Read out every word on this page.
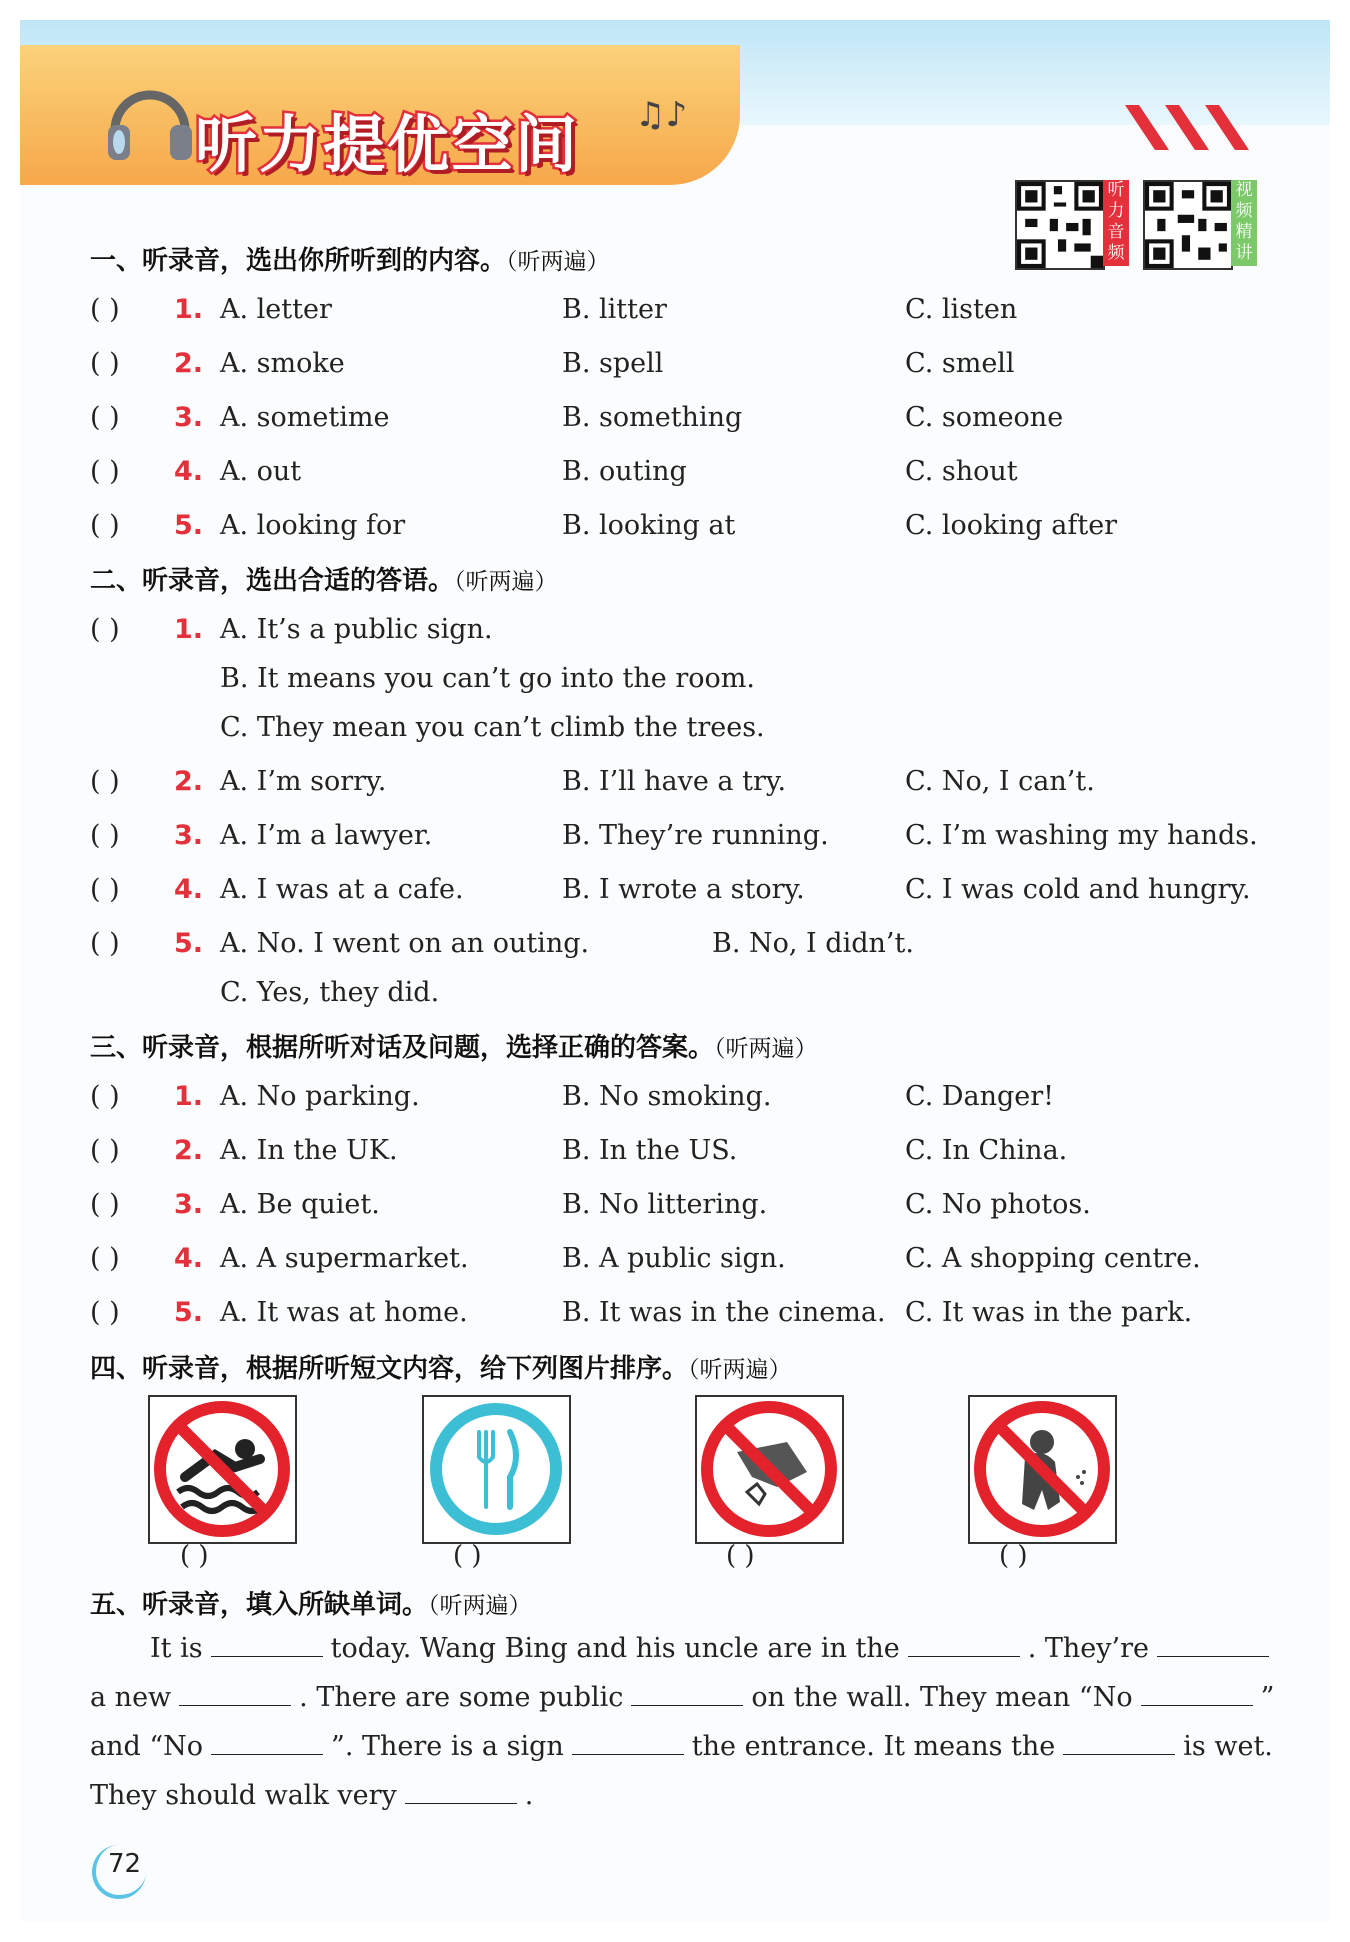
听力提优空间 ♫♪
听力音频
视频精讲
一、听录音，选出你所听到的内容。（听两遍）
( ) 1. A. letter	B. litter	C. listen
( ) 2. A. smoke	B. spell	C. smell
( ) 3. A. sometime	B. something	C. someone
( ) 4. A. out	B. outing	C. shout
( ) 5. A. looking for	B. looking at	C. looking after
二、听录音，选出合适的答语。（听两遍）
( ) 1. A. It’s a public sign.
B. It means you can’t go into the room.
C. They mean you can’t climb the trees.
( ) 2. A. I’m sorry.	B. I’ll have a try.	C. No, I can’t.
( ) 3. A. I’m a lawyer.	B. They’re running.	C. I’m washing my hands.
( ) 4. A. I was at a cafe.	B. I wrote a story.	C. I was cold and hungry.
( ) 5. A. No. I went on an outing.	B. No, I didn’t.
C. Yes, they did.
三、听录音，根据所听对话及问题，选择正确的答案。（听两遍）
( ) 1. A. No parking.	B. No smoking.	C. Danger!
( ) 2. A. In the UK.	B. In the US.	C. In China.
( ) 3. A. Be quiet.	B. No littering.	C. No photos.
( ) 4. A. A supermarket.	B. A public sign.	C. A shopping centre.
( ) 5. A. It was at home.	B. It was in the cinema. C. It was in the park.
四、听录音，根据所听短文内容，给下列图片排序。（听两遍）
( )	( )	( )	( )
五、听录音，填入所缺单词。（听两遍）
It is	today. Wang Bing and his uncle are in the	. They’re
a new	. There are some public	on the wall. They mean “No	”
and “No	”. There is a sign	the entrance. It means the	is wet.
They should walk very	.
72
